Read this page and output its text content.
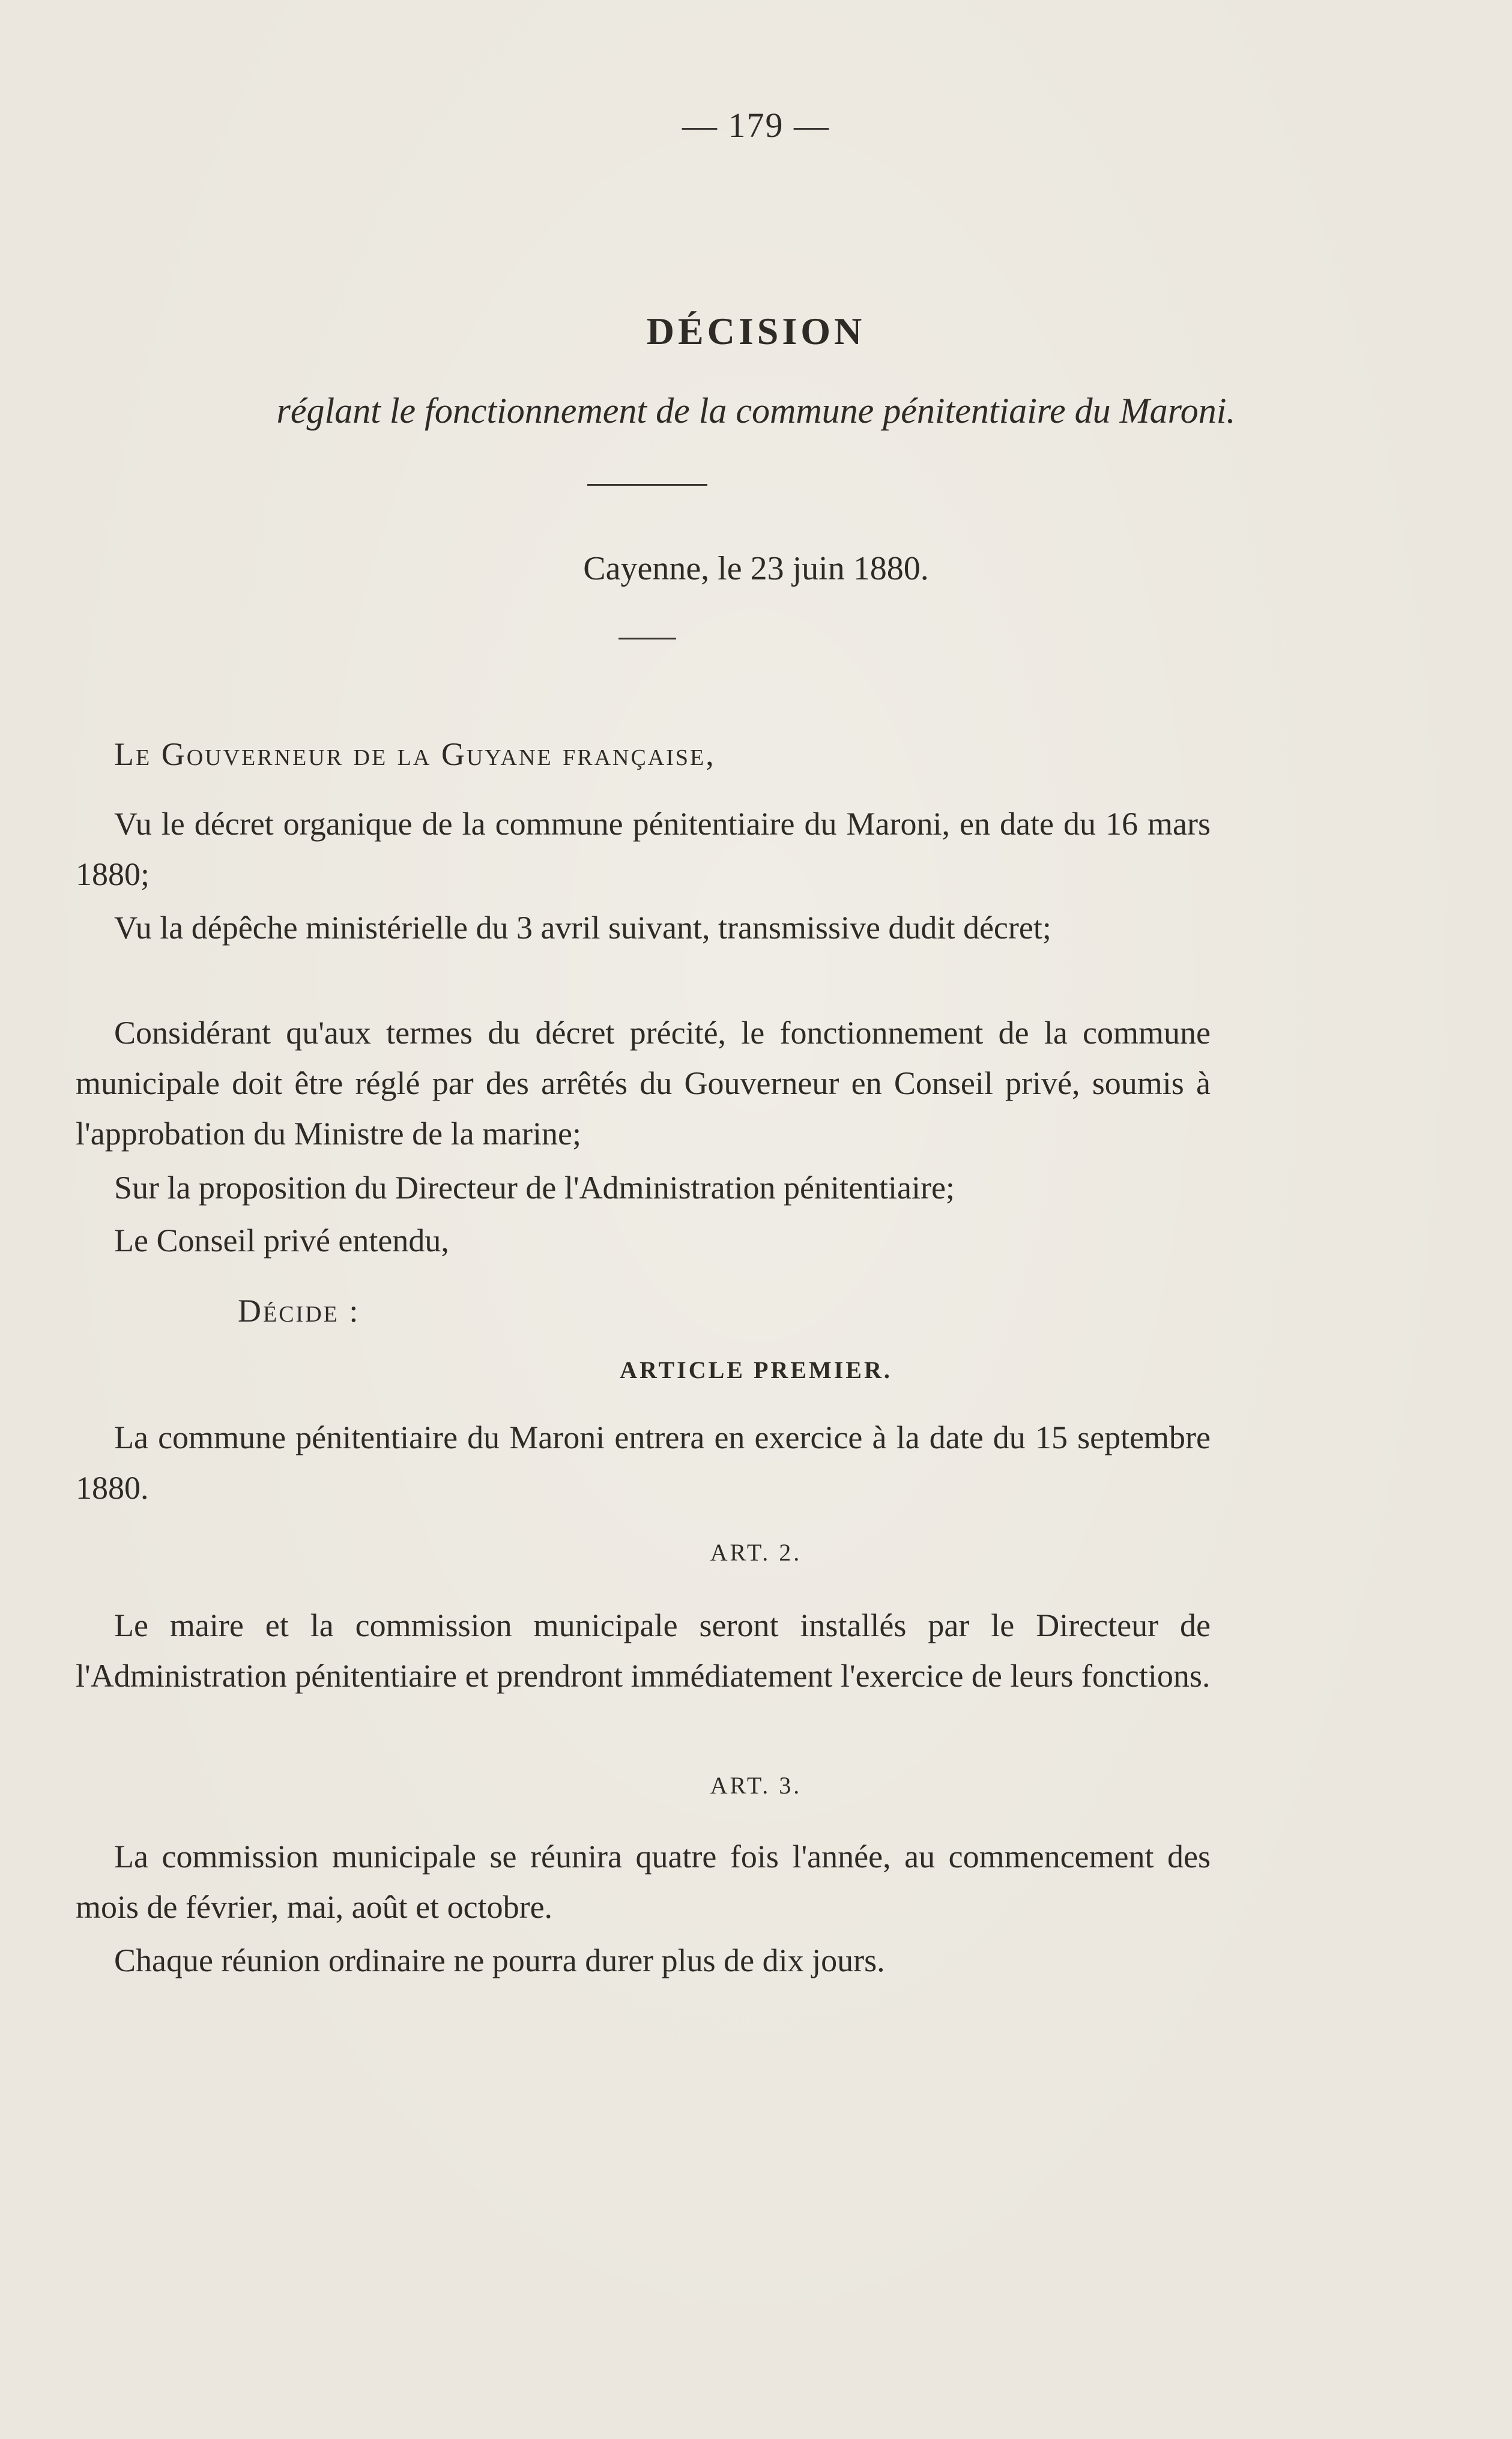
— 179 —
DÉCISION
réglant le fonctionnement de la commune pénitentiaire du Maroni.
Cayenne, le 23 juin 1880.
Le Gouverneur de la Guyane française,
Vu le décret organique de la commune pénitentiaire du Maroni, en date du 16 mars 1880;
Vu la dépêche ministérielle du 3 avril suivant, transmissive dudit décret;
Considérant qu'aux termes du décret précité, le fonctionnement de la commune municipale doit être réglé par des arrêtés du Gouverneur en Conseil privé, soumis à l'approbation du Ministre de la marine;
Sur la proposition du Directeur de l'Administration pénitentiaire;
Le Conseil privé entendu,
Décide :
ARTICLE PREMIER.
La commune pénitentiaire du Maroni entrera en exercice à la date du 15 septembre 1880.
ART. 2.
Le maire et la commission municipale seront installés par le Directeur de l'Administration pénitentiaire et prendront immédiatement l'exercice de leurs fonctions.
ART. 3.
La commission municipale se réunira quatre fois l'année, au commencement des mois de février, mai, août et octobre.
Chaque réunion ordinaire ne pourra durer plus de dix jours.
